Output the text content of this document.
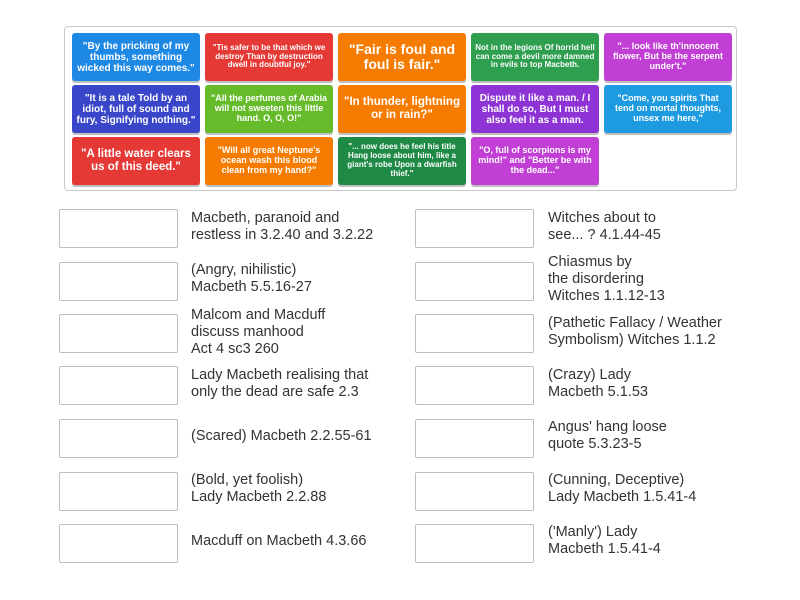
"By the pricking of my thumbs, something wicked this way comes."
"Tis safer to be that which we destroy Than by destruction dwell in doubtful joy."
"Fair is foul and foul is fair."
Not in the legions Of horrid hell can come a devil more damned in evils to top Macbeth.
"... look like th'innocent flower, But be the serpent under't."
"It is a tale Told by an idiot, full of sound and fury, Signifying nothing."
"All the perfumes of Arabia will not sweeten this little hand. O, O, O!"
"In thunder, lightning or in rain?"
Dispute it like a man. / I shall do so, But I must also feel it as a man.
"Come, you spirits That tend on mortal thoughts, unsex me here,"
"A little water clears us of this deed."
"Will all great Neptune's ocean wash this blood clean from my hand?"
"... now does he feel his title Hang loose about him, like a giant's robe Upon a dwarfish thief."
"O, full of scorpions is my mind!" and "Better be with the dead..."
Macbeth, paranoid and
restless in 3.2.40 and 3.2.22
(Angry, nihilistic)
Macbeth 5.5.16-27
Malcom and Macduff
discuss manhood
Act 4 sc3 260
Lady Macbeth realising that
only the dead are safe 2.3
(Scared) Macbeth 2.2.55-61
(Bold, yet foolish)
Lady Macbeth 2.2.88
Macduff on Macbeth 4.3.66
Witches about to
see... ? 4.1.44-45
Chiasmus by
the disordering
Witches 1.1.12-13
(Pathetic Fallacy / Weather
Symbolism) Witches 1.1.2
(Crazy) Lady
Macbeth 5.1.53
Angus' hang loose
quote 5.3.23-5
(Cunning, Deceptive)
Lady Macbeth 1.5.41-4
('Manly') Lady
Macbeth 1.5.41-4
